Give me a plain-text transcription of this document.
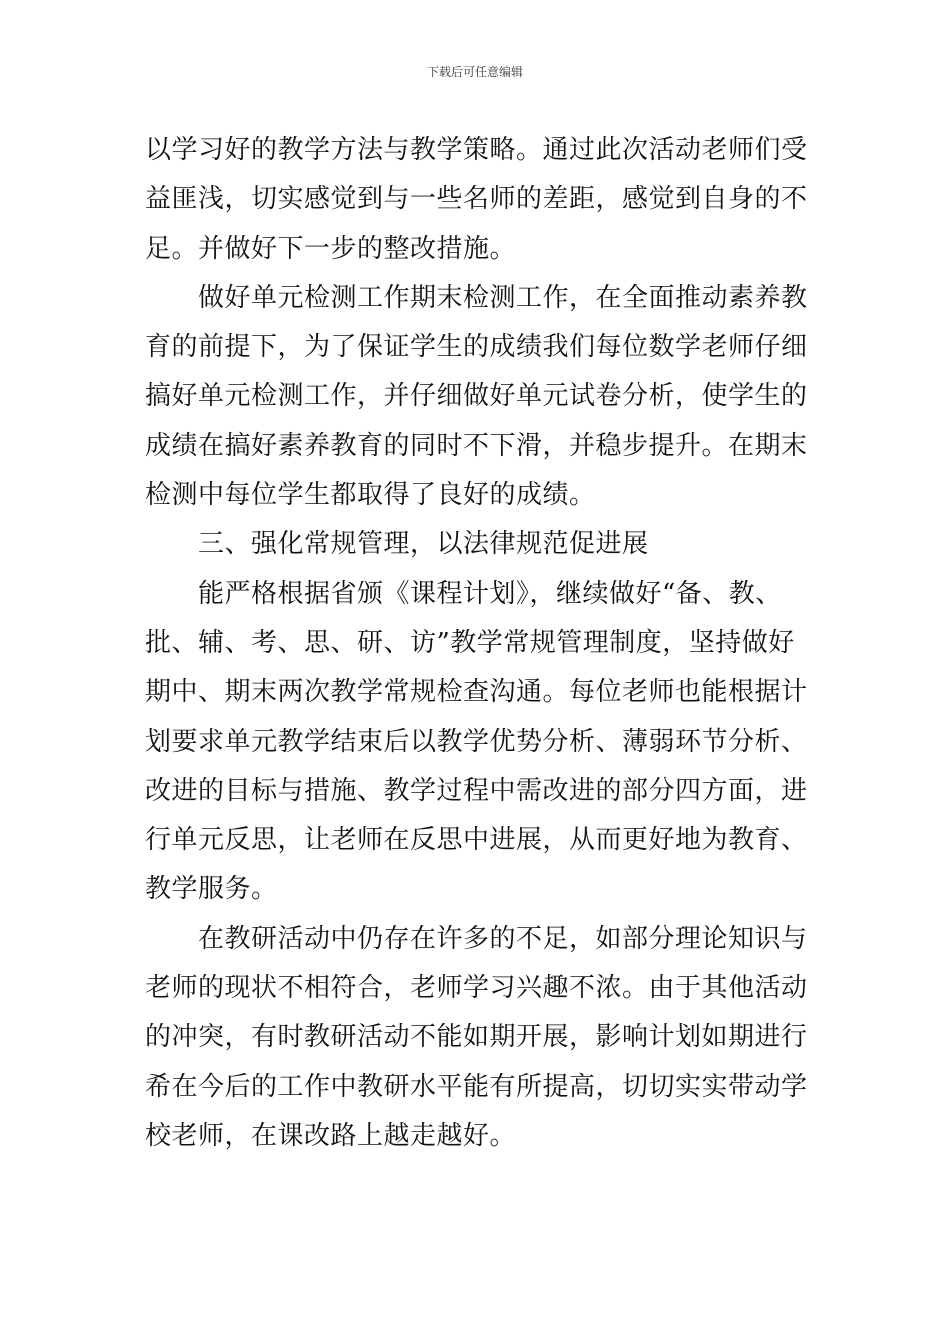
下载后可任意编辑
以学习好的教学方法与教学策略。通过此次活动老师们受
益匪浅，切实感觉到与一些名师的差距，感觉到自身的不
足。并做好下一步的整改措施。
　　做好单元检测工作期末检测工作，在全面推动素养教
育的前提下，为了保证学生的成绩我们每位数学老师仔细
搞好单元检测工作，并仔细做好单元试卷分析，使学生的
成绩在搞好素养教育的同时不下滑，并稳步提升。在期末
检测中每位学生都取得了良好的成绩。
　　三、强化常规管理，以法律规范促进展
　　能严格根据省颁《课程计划》，继续做好“备、教、
批、辅、考、思、研、访”教学常规管理制度，坚持做好
期中、期末两次教学常规检查沟通。每位老师也能根据计
划要求单元教学结束后以教学优势分析、薄弱环节分析、
改进的目标与措施、教学过程中需改进的部分四方面，进
行单元反思，让老师在反思中进展，从而更好地为教育、
教学服务。
　　在教研活动中仍存在许多的不足，如部分理论知识与
老师的现状不相符合，老师学习兴趣不浓。由于其他活动
的冲突，有时教研活动不能如期开展，影响计划如期进行
希在今后的工作中教研水平能有所提高，切切实实带动学
校老师，在课改路上越走越好。
